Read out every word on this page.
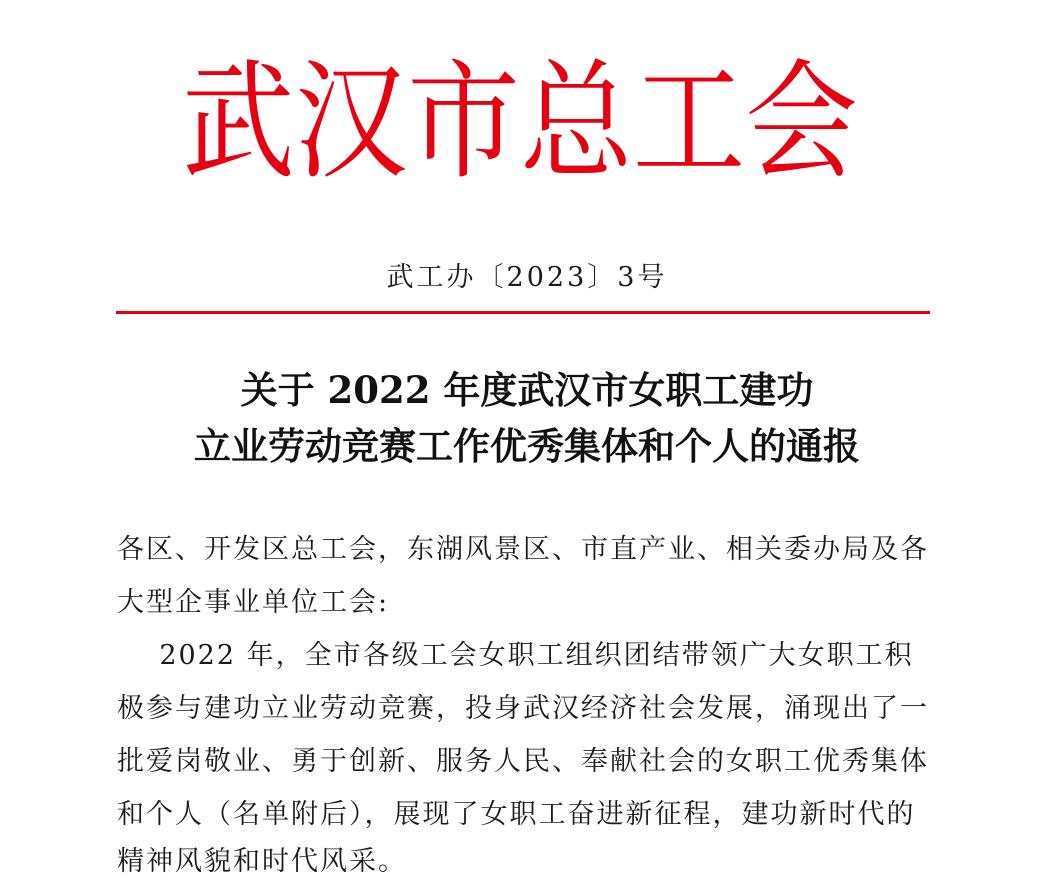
武 汉 市 总 工 会
武工办〔2023〕3号
关于 2022 年度武汉市女职工建功
立业劳动竞赛工作优秀集体和个人的通报
各区、开发区总工会，东湖风景区、市直产业、相关委办局及各
大型企事业单位工会:
2022 年，全市各级工会女职工组织团结带领广大女职工积
极参与建功立业劳动竞赛，投身武汉经济社会发展，涌现出了一
批爱岗敬业、勇于创新、服务人民、奉献社会的女职工优秀集体
和个人（名单附后），展现了女职工奋进新征程，建功新时代的
精神风貌和时代风采。
